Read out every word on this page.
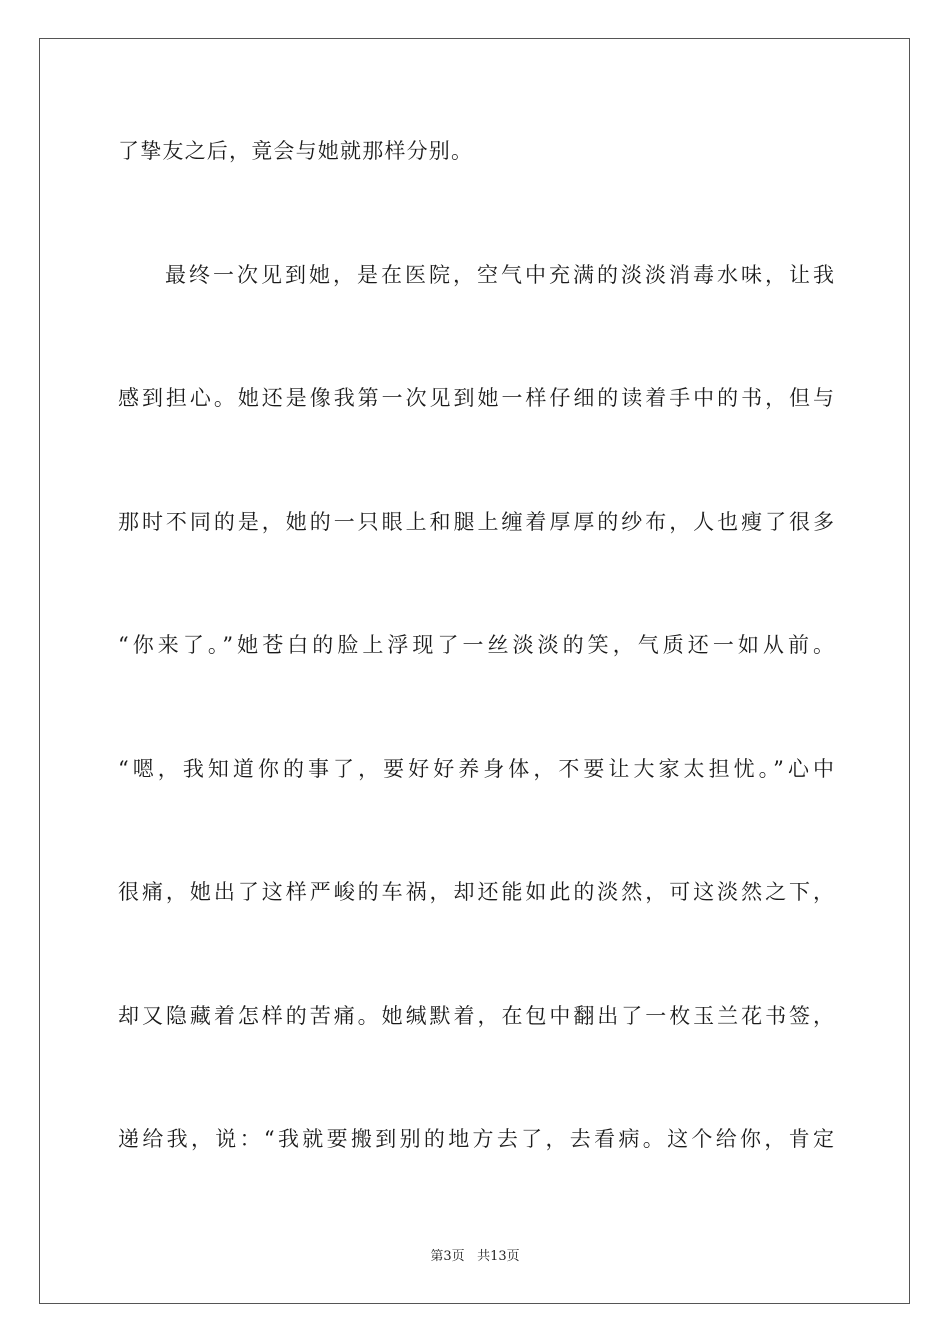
了挚友之后，竟会与她就那样分别。
最终一次见到她，是在医院，空气中充满的淡淡消毒水味，让我
感到担心。她还是像我第一次见到她一样仔细的读着手中的书，但与
那时不同的是，她的一只眼上和腿上缠着厚厚的纱布，人也瘦了很多
“你来了。”她苍白的脸上浮现了一丝淡淡的笑，气质还一如从前。
“嗯，我知道你的事了，要好好养身体，不要让大家太担忧。”心中
很痛，她出了这样严峻的车祸，却还能如此的淡然，可这淡然之下，
却又隐藏着怎样的苦痛。她缄默着，在包中翻出了一枚玉兰花书签，
递给我，说：“我就要搬到别的地方去了，去看病。这个给你，肯定
第3页 共13页
